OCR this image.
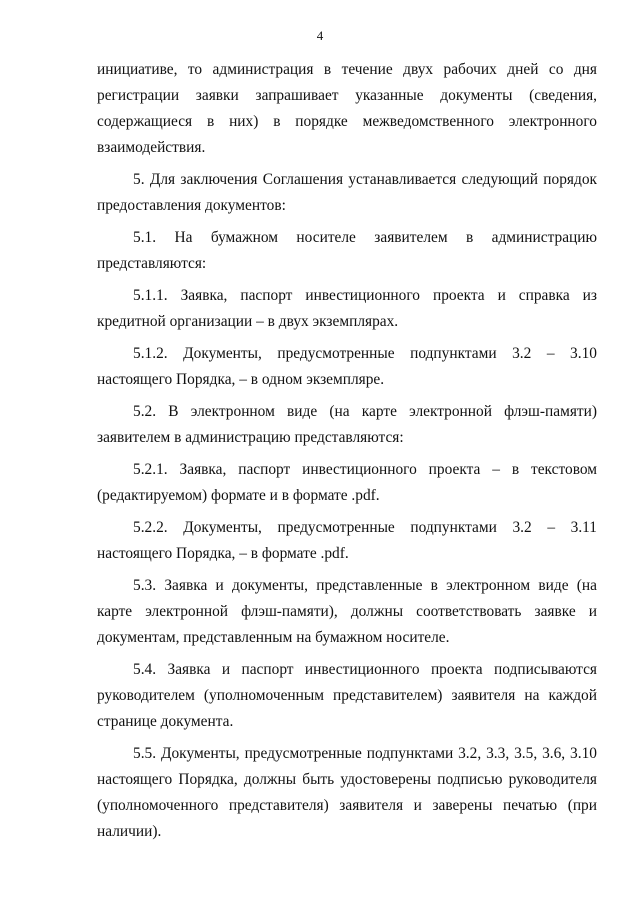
4

инициативе, то администрация в течение двух рабочих дней со дня регистрации заявки запрашивает указанные документы (сведения, содержащиеся в них) в порядке межведомственного электронного взаимодействия.

5. Для заключения Соглашения устанавливается следующий порядок предоставления документов:

5.1. На бумажном носителе заявителем в администрацию представляются:

5.1.1. Заявка, паспорт инвестиционного проекта и справка из кредитной организации – в двух экземплярах.

5.1.2. Документы, предусмотренные подпунктами 3.2 – 3.10 настоящего Порядка, – в одном экземпляре.

5.2. В электронном виде (на карте электронной флэш-памяти) заявителем в администрацию представляются:

5.2.1. Заявка, паспорт инвестиционного проекта – в текстовом (редактируемом) формате и в формате .pdf.

5.2.2. Документы, предусмотренные подпунктами 3.2 – 3.11 настоящего Порядка, – в формате .pdf.

5.3. Заявка и документы, представленные в электронном виде (на карте электронной флэш-памяти), должны соответствовать заявке и документам, представленным на бумажном носителе.

5.4. Заявка и паспорт инвестиционного проекта подписываются руководителем (уполномоченным представителем) заявителя на каждой странице документа.

5.5. Документы, предусмотренные подпунктами 3.2, 3.3, 3.5, 3.6, 3.10 настоящего Порядка, должны быть удостоверены подписью руководителя (уполномоченного представителя) заявителя и заверены печатью (при наличии).
